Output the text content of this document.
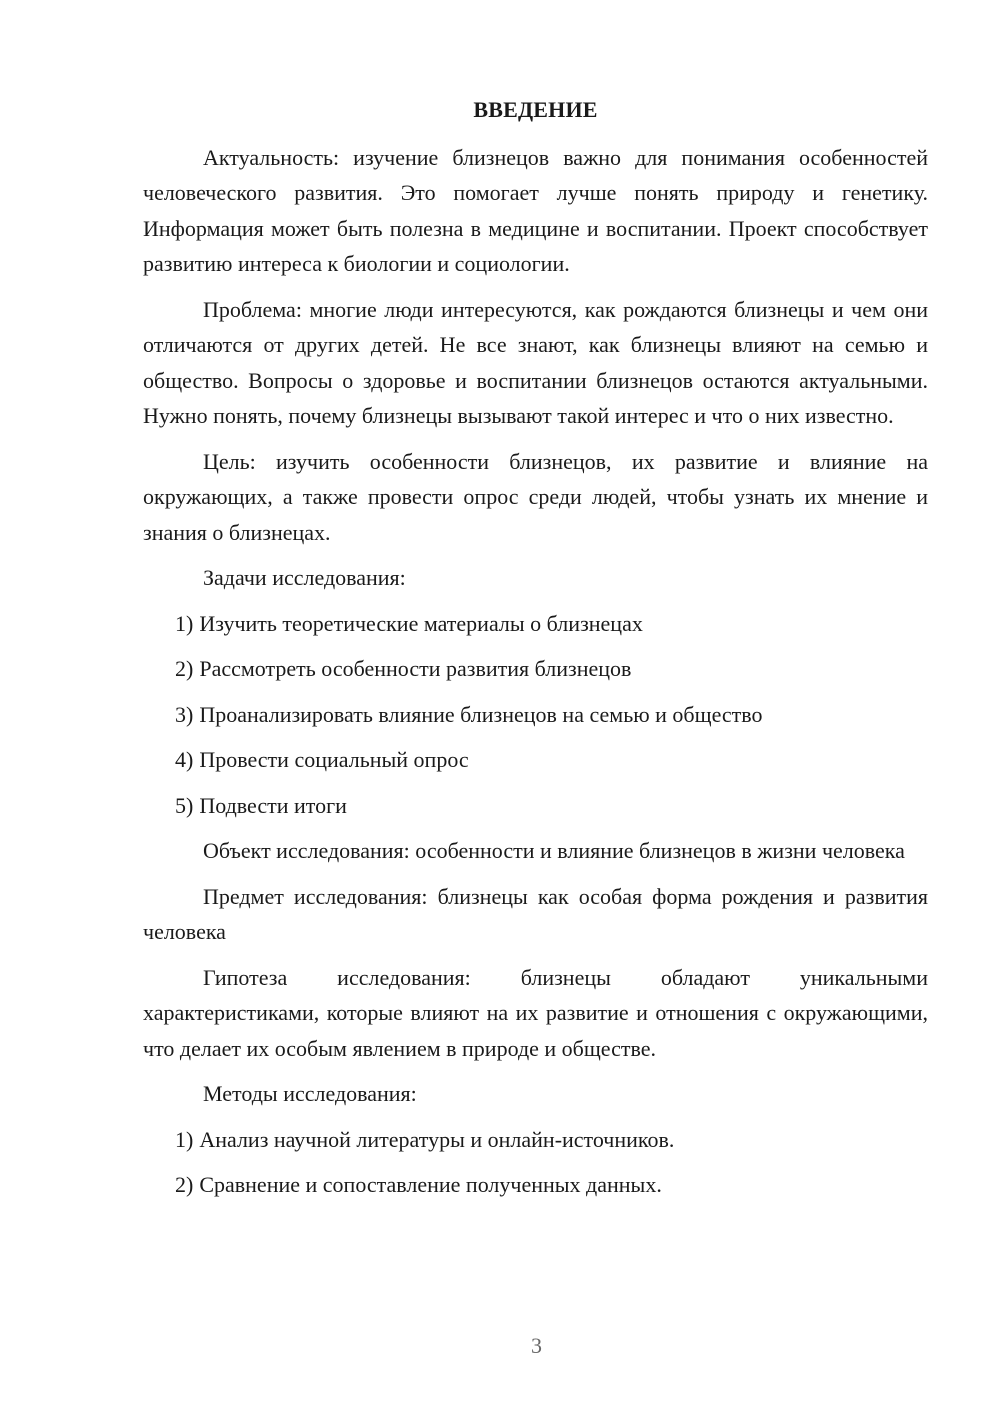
ВВЕДЕНИЕ

Актуальность: изучение близнецов важно для понимания особенностей человеческого развития. Это помогает лучше понять природу и генетику. Информация может быть полезна в медицине и воспитании. Проект способствует развитию интереса к биологии и социологии.

Проблема: многие люди интересуются, как рождаются близнецы и чем они отличаются от других детей. Не все знают, как близнецы влияют на семью и общество. Вопросы о здоровье и воспитании близнецов остаются актуальными. Нужно понять, почему близнецы вызывают такой интерес и что о них известно.

Цель: изучить особенности близнецов, их развитие и влияние на окружающих, а также провести опрос среди людей, чтобы узнать их мнение и знания о близнецах.

Задачи исследования:

1) Изучить теоретические материалы о близнецах
2) Рассмотреть особенности развития близнецов
3) Проанализировать влияние близнецов на семью и общество
4) Провести социальный опрос
5) Подвести итоги

Объект исследования: особенности и влияние близнецов в жизни человека

Предмет исследования: близнецы как особая форма рождения и развития человека

Гипотеза исследования: близнецы обладают уникальными характеристиками, которые влияют на их развитие и отношения с окружающими, что делает их особым явлением в природе и обществе.

Методы исследования:

1) Анализ научной литературы и онлайн-источников.
2) Сравнение и сопоставление полученных данных.
3
